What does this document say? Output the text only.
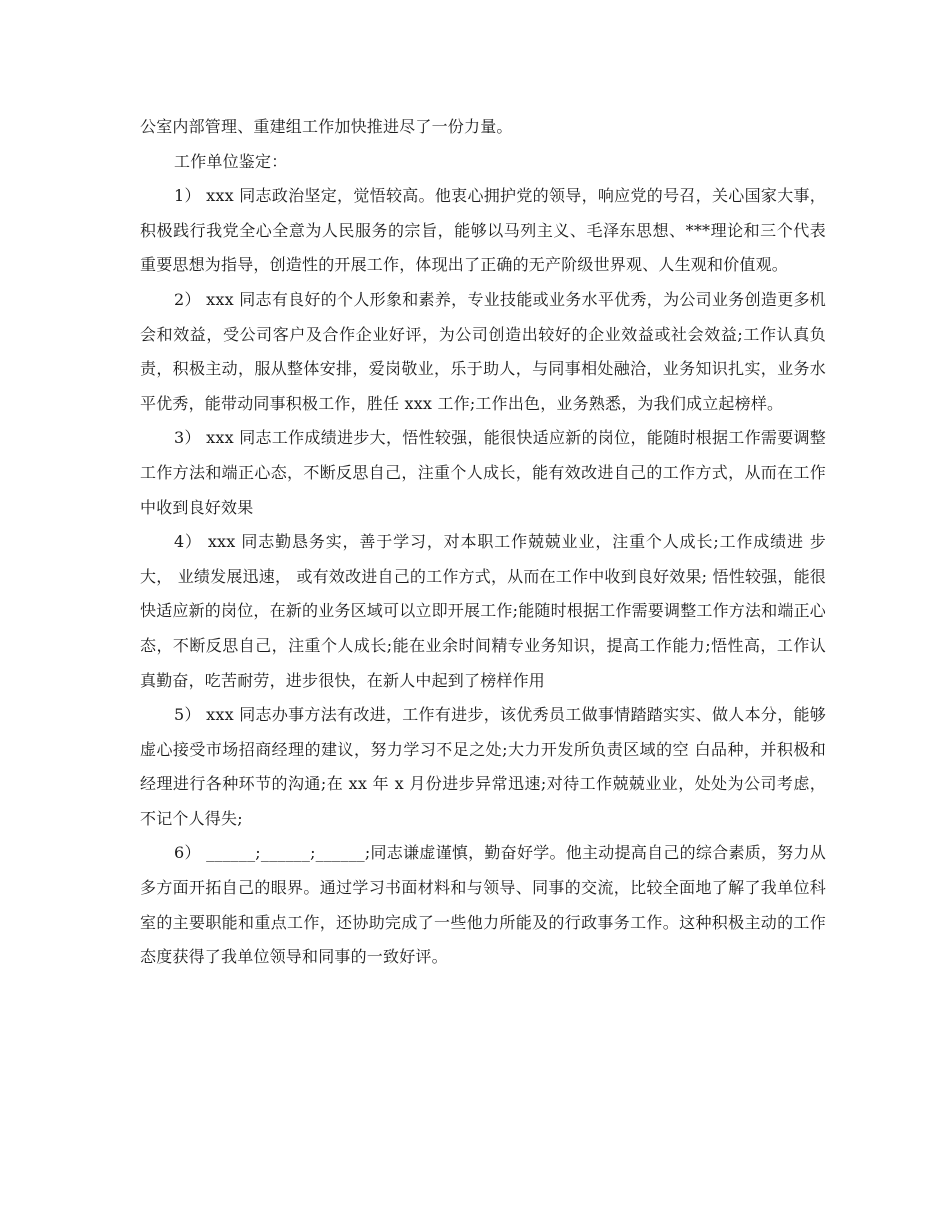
公室内部管理、重建组工作加快推进尽了一份力量。

工作单位鉴定：

1） xxx 同志政治坚定，觉悟较高。他衷心拥护党的领导，响应党的号召，关心国家大事，积极践行我党全心全意为人民服务的宗旨，能够以马列主义、毛泽东思想、***理论和三个代表重要思想为指导，创造性的开展工作，体现出了正确的无产阶级世界观、人生观和价值观。

2） xxx 同志有良好的个人形象和素养，专业技能或业务水平优秀，为公司业务创造更多机会和效益，受公司客户及合作企业好评，为公司创造出较好的企业效益或社会效益;工作认真负责，积极主动，服从整体安排，爱岗敬业，乐于助人，与同事相处融洽，业务知识扎实，业务水平优秀，能带动同事积极工作，胜任 xxx 工作;工作出色，业务熟悉，为我们成立起榜样。

3） xxx 同志工作成绩进步大，悟性较强，能很快适应新的岗位，能随时根据工作需要调整工作方法和端正心态，不断反思自己，注重个人成长，能有效改进自己的工作方式，从而在工作中收到良好效果

4） xxx 同志勤恳务实，善于学习，对本职工作兢兢业业，注重个人成长;工作成绩进 步大， 业绩发展迅速， 或有效改进自己的工作方式，从而在工作中收到良好效果; 悟性较强，能很快适应新的岗位，在新的业务区域可以立即开展工作;能随时根据工作需要调整工作方法和端正心态，不断反思自己，注重个人成长;能在业余时间精专业务知识，提高工作能力;悟性高，工作认真勤奋，吃苦耐劳，进步很快，在新人中起到了榜样作用

5） xxx 同志办事方法有改进，工作有进步，该优秀员工做事情踏踏实实、做人本分，能够虚心接受市场招商经理的建议，努力学习不足之处;大力开发所负责区域的空 白品种，并积极和经理进行各种环节的沟通;在 xx 年 x 月份进步异常迅速;对待工作兢兢业业，处处为公司考虑，不记个人得失;

6） ______;______;______;同志谦虚谨慎，勤奋好学。他主动提高自己的综合素质，努力从多方面开拓自己的眼界。通过学习书面材料和与领导、同事的交流，比较全面地了解了我单位科室的主要职能和重点工作，还协助完成了一些他力所能及的行政事务工作。这种积极主动的工作态度获得了我单位领导和同事的一致好评。
